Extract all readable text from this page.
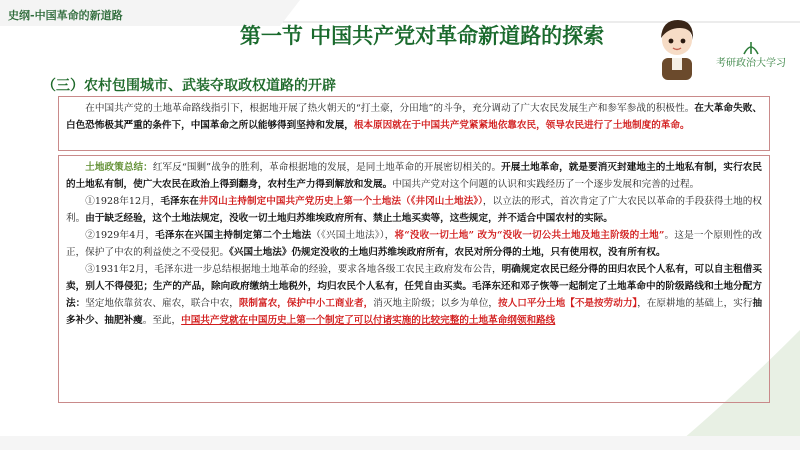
史纲-中国革命的新道路
第一节 中国共产党对革命新道路的探索
考研政治大学习
（三）农村包围城市、武装夺取政权道路的开辟

在中国共产党的土地革命路线指引下，根据地开展了热火朝天的“打土豪，分田地”的斗争，充分调动了广大农民发展生产和参军参战的积极性。在大革命失败、白色恐怖极其严重的条件下，中国革命之所以能够得到坚持和发展，根本原因就在于中国共产党紧紧地依靠农民，领导农民进行了土地制度的革命。

土地政策总结：红军反“围剿”战争的胜利，革命根据地的发展，是同土地革命的开展密切相关的。开展土地革命，就是要消灭封建地主的土地私有制，实行农民的土地私有制，使广大农民在政治上得到翻身，农村生产力得到解放和发展。中国共产党对这个问题的认识和实践经历了一个逐步发展和完善的过程。

①1928年12月，毛泽东在井冈山主持制定中国共产党历史上第一个土地法（《井冈山土地法》），以立法的形式，首次肯定了广大农民以革命的手段获得土地的权利。由于缺乏经验，这个土地法规定，没收一切土地归苏维埃政府所有、禁止土地买卖等，这些规定，并不适合中国农村的实际。

②1929年4月，毛泽东在兴国主持制定第二个土地法（《兴国土地法》），将“没收一切土地” 改为“没收一切公共土地及地主阶级的土地”。这是一个原则性的改正，保护了中农的利益使之不受侵犯。《兴国土地法》仍规定没收的土地归苏维埃政府所有，农民对所分得的土地，只有使用权，没有所有权。

③1931年2月，毛泽东进一步总结根据地土地革命的经验，要求各地各级工农民主政府发布公告，明确规定农民已经分得的田归农民个人私有，可以自主租借买卖，别人不得侵犯；生产的产品，除向政府缴纳土地税外，均归农民个人私有，任凭自由买卖。毛泽东还和邓子恢等一起制定了土地革命中的阶级路线和土地分配方法：坚定地依靠贫农、雇农，联合中农，限制富农，保护中小工商业者，消灭地主阶级；以乡为单位，按人口平分土地【不是按劳动力】，在原耕地的基础上，实行抽多补少、抽肥补瘦。至此，中国共产党就在中国历史上第一个制定了可以付诸实施的比较完整的土地革命纲领和路线
